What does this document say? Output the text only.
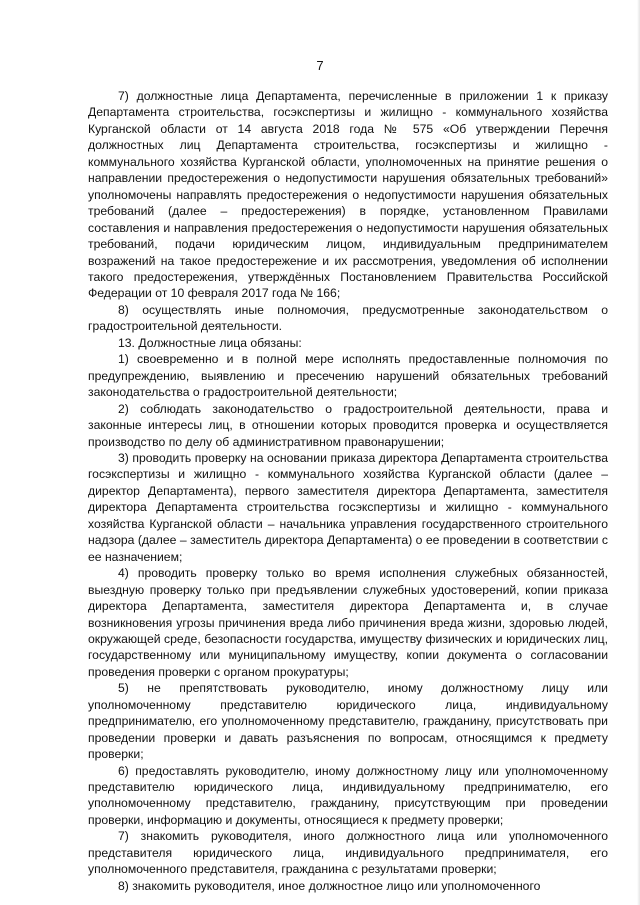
7

7) должностные лица Департамента, перечисленные в приложении 1 к приказу Департамента строительства, госэкспертизы и жилищно - коммунального хозяйства Курганской области от 14 августа 2018 года № 575 «Об утверждении Перечня должностных лиц Департамента строительства, госэкспертизы и жилищно - коммунального хозяйства Курганской области, уполномоченных на принятие решения о направлении предостережения о недопустимости нарушения обязательных требований» уполномочены направлять предостережения о недопустимости нарушения обязательных требований (далее – предостережения) в порядке, установленном Правилами составления и направления предостережения о недопустимости нарушения обязательных требований, подачи юридическим лицом, индивидуальным предпринимателем возражений на такое предостережение и их рассмотрения, уведомления об исполнении такого предостережения, утверждённых Постановлением Правительства Российской Федерации от 10 февраля 2017 года № 166;

8) осуществлять иные полномочия, предусмотренные законодательством о градостроительной деятельности.

13. Должностные лица обязаны:

1) своевременно и в полной мере исполнять предоставленные полномочия по предупреждению, выявлению и пресечению нарушений обязательных требований законодательства о градостроительной деятельности;

2) соблюдать законодательство о градостроительной деятельности, права и законные интересы лиц, в отношении которых проводится проверка и осуществляется производство по делу об административном правонарушении;

3) проводить проверку на основании приказа директора Департамента строительства госэкспертизы и жилищно - коммунального хозяйства Курганской области (далее – директор Департамента), первого заместителя директора Департамента, заместителя директора Департамента строительства госэкспертизы и жилищно - коммунального хозяйства Курганской области – начальника управления государственного строительного надзора (далее – заместитель директора Департамента) о ее проведении в соответствии с ее назначением;

4) проводить проверку только во время исполнения служебных обязанностей, выездную проверку только при предъявлении служебных удостоверений, копии приказа директора Департамента, заместителя директора Департамента и, в случае возникновения угрозы причинения вреда либо причинения вреда жизни, здоровью людей, окружающей среде, безопасности государства, имуществу физических и юридических лиц, государственному или муниципальному имуществу, копии документа о согласовании проведения проверки с органом прокуратуры;

5) не препятствовать руководителю, иному должностному лицу или уполномоченному представителю юридического лица, индивидуальному предпринимателю, его уполномоченному представителю, гражданину, присутствовать при проведении проверки и давать разъяснения по вопросам, относящимся к предмету проверки;

6) предоставлять руководителю, иному должностному лицу или уполномоченному представителю юридического лица, индивидуальному предпринимателю, его уполномоченному представителю, гражданину, присутствующим при проведении проверки, информацию и документы, относящиеся к предмету проверки;

7) знакомить руководителя, иного должностного лица или уполномоченного представителя юридического лица, индивидуального предпринимателя, его уполномоченного представителя, гражданина с результатами проверки;

8) знакомить руководителя, иное должностное лицо или уполномоченного
